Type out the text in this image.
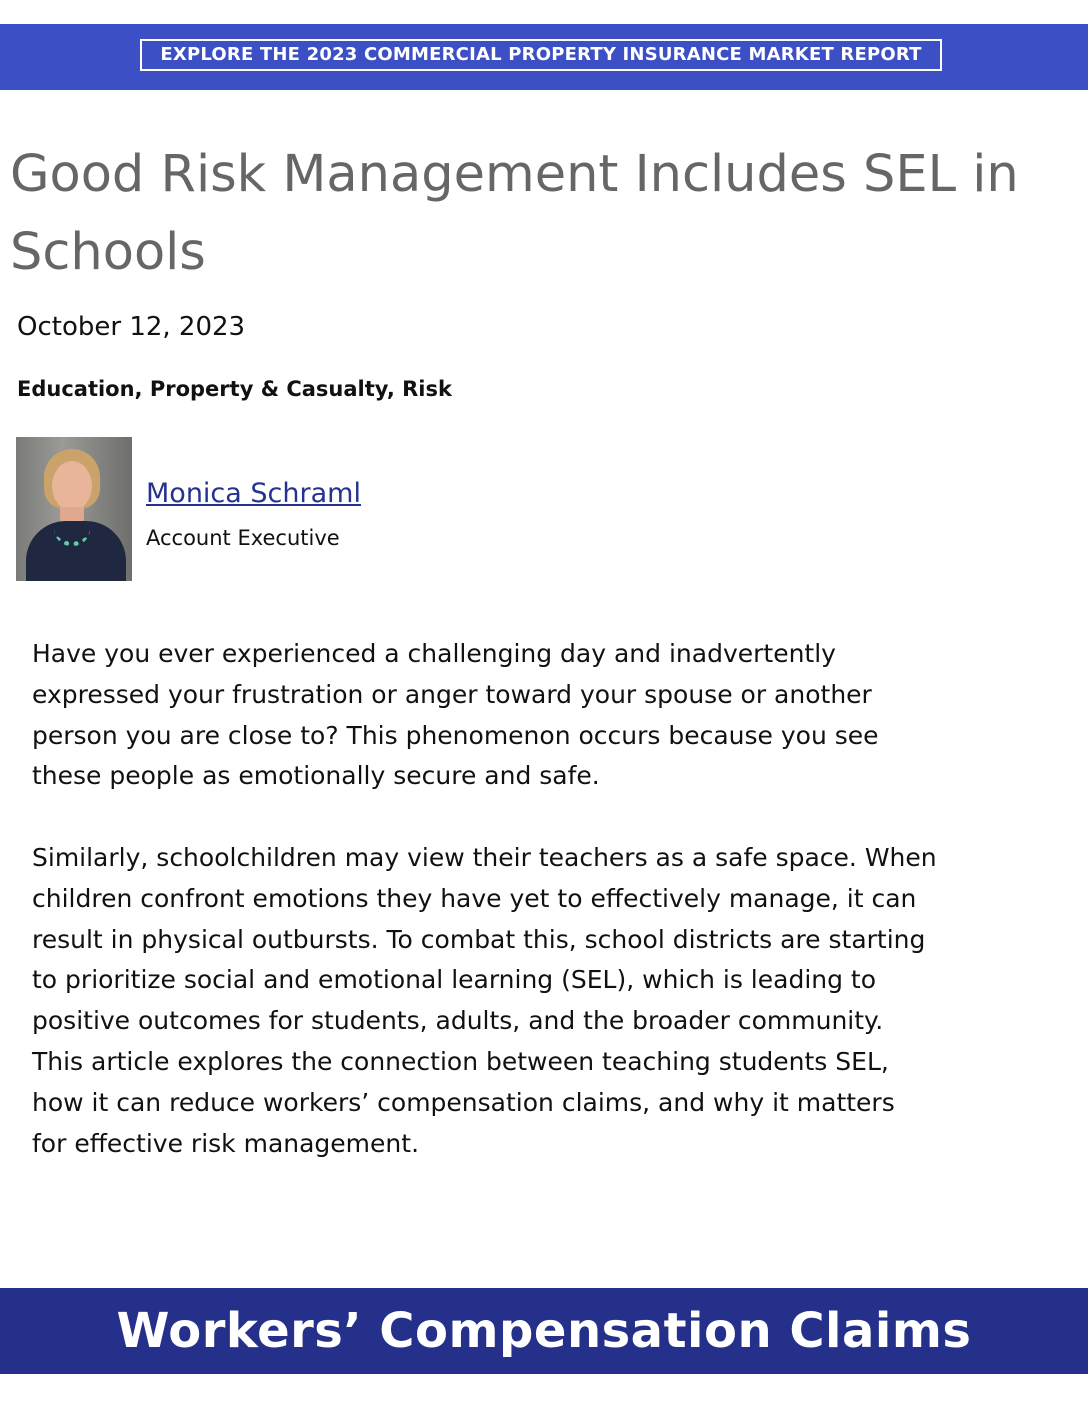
EXPLORE THE 2023 COMMERCIAL PROPERTY INSURANCE MARKET REPORT
Good Risk Management Includes SEL in Schools
October 12, 2023
Education, Property & Casualty, Risk
Monica Schraml
Account Executive

Have you ever experienced a challenging day and inadvertently
expressed your frustration or anger toward your spouse or another
person you are close to? This phenomenon occurs because you see
these people as emotionally secure and safe.

Similarly, schoolchildren may view their teachers as a safe space. When
children confront emotions they have yet to effectively manage, it can
result in physical outbursts. To combat this, school districts are starting
to prioritize social and emotional learning (SEL), which is leading to
positive outcomes for students, adults, and the broader community.
This article explores the connection between teaching students SEL,
how it can reduce workers’ compensation claims, and why it matters
for effective risk management.

Workers’ Compensation Claims
